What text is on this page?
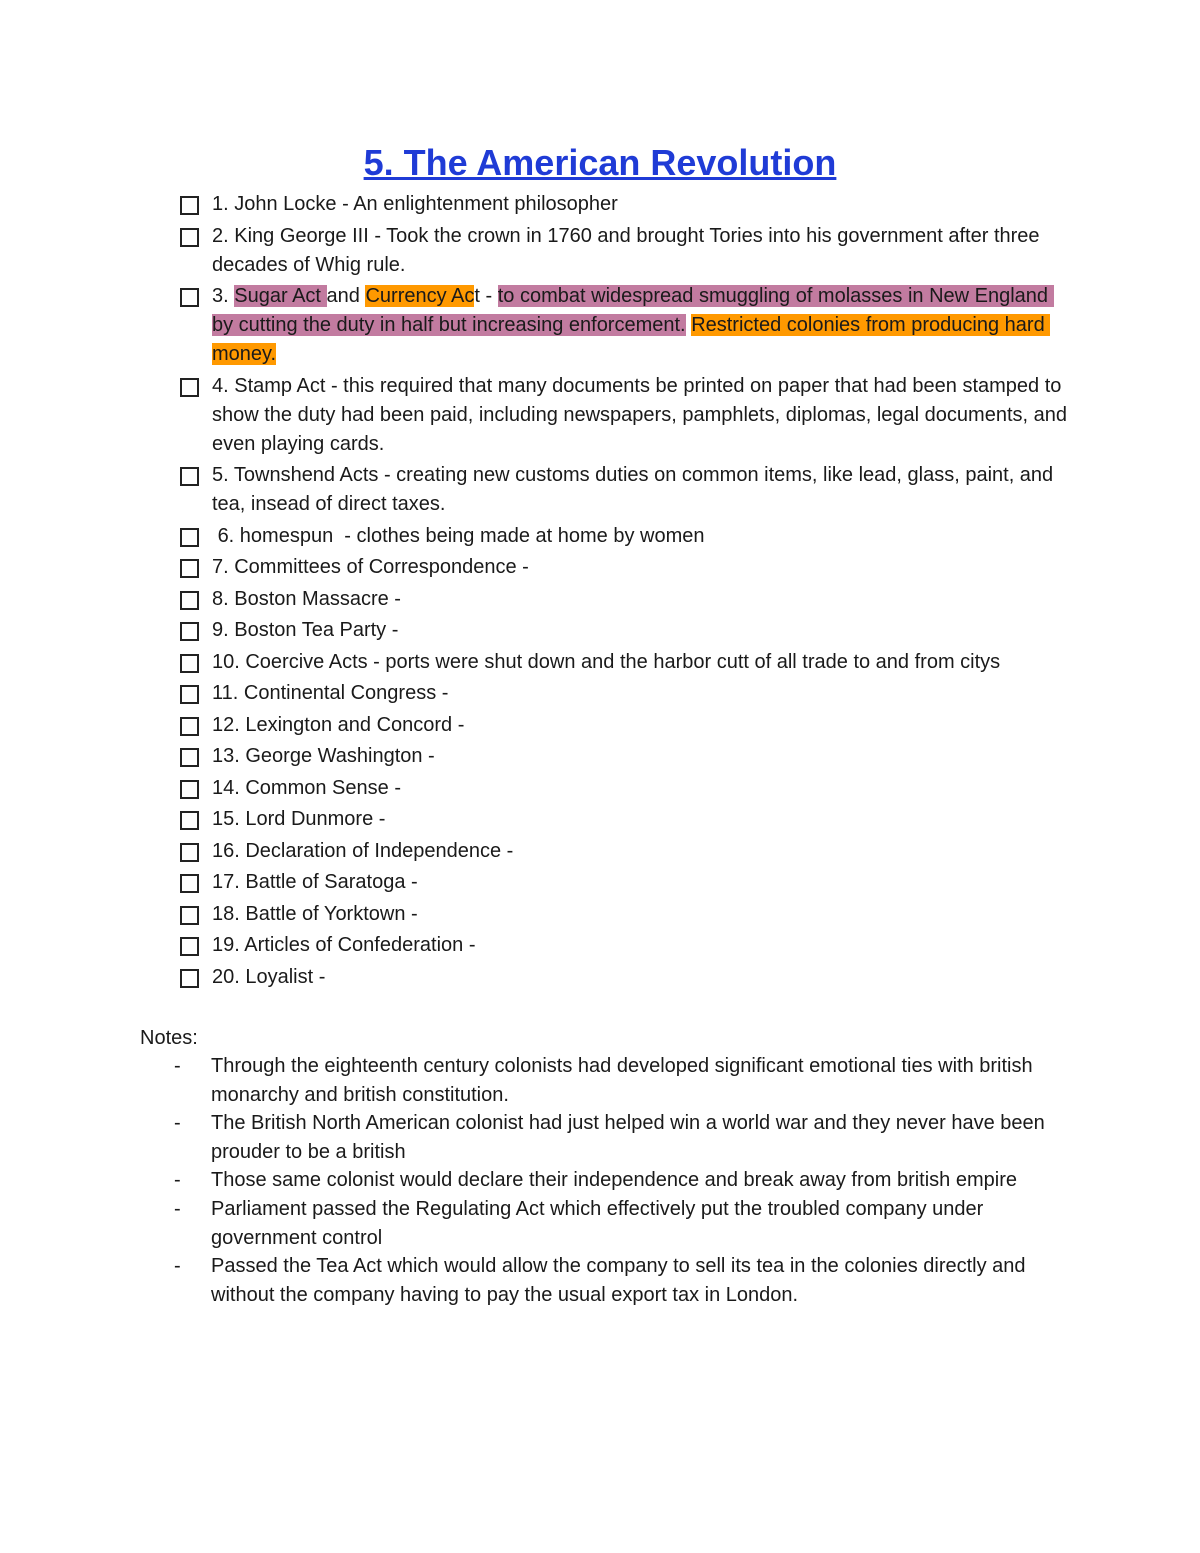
5. The American Revolution
1. John Locke - An enlightenment philosopher
2. King George III - Took the crown in 1760 and brought Tories into his government after three decades of Whig rule.
3. Sugar Act and Currency Act - to combat widespread smuggling of molasses in New England by cutting the duty in half but increasing enforcement. Restricted colonies from producing hard money.
4. Stamp Act - this required that many documents be printed on paper that had been stamped to show the duty had been paid, including newspapers, pamphlets, diplomas, legal documents, and even playing cards.
5. Townshend Acts - creating new customs duties on common items, like lead, glass, paint, and tea, insead of direct taxes.
6. homespun  - clothes being made at home by women
7. Committees of Correspondence -
8. Boston Massacre -
9. Boston Tea Party -
10. Coercive Acts - ports were shut down and the harbor cutt of all trade to and from citys
11. Continental Congress -
12. Lexington and Concord -
13. George Washington -
14. Common Sense -
15. Lord Dunmore -
16. Declaration of Independence -
17. Battle of Saratoga -
18. Battle of Yorktown -
19. Articles of Confederation -
20. Loyalist -
Notes:
- Through the eighteenth century colonists had developed significant emotional ties with british monarchy and british constitution.
- The British North American colonist had just helped win a world war and they never have been prouder to be a british
- Those same colonist would declare their independence and break away from british empire
- Parliament passed the Regulating Act which effectively put the troubled company under government control
- Passed the Tea Act which would allow the company to sell its tea in the colonies directly and without the company having to pay the usual export tax in London.
